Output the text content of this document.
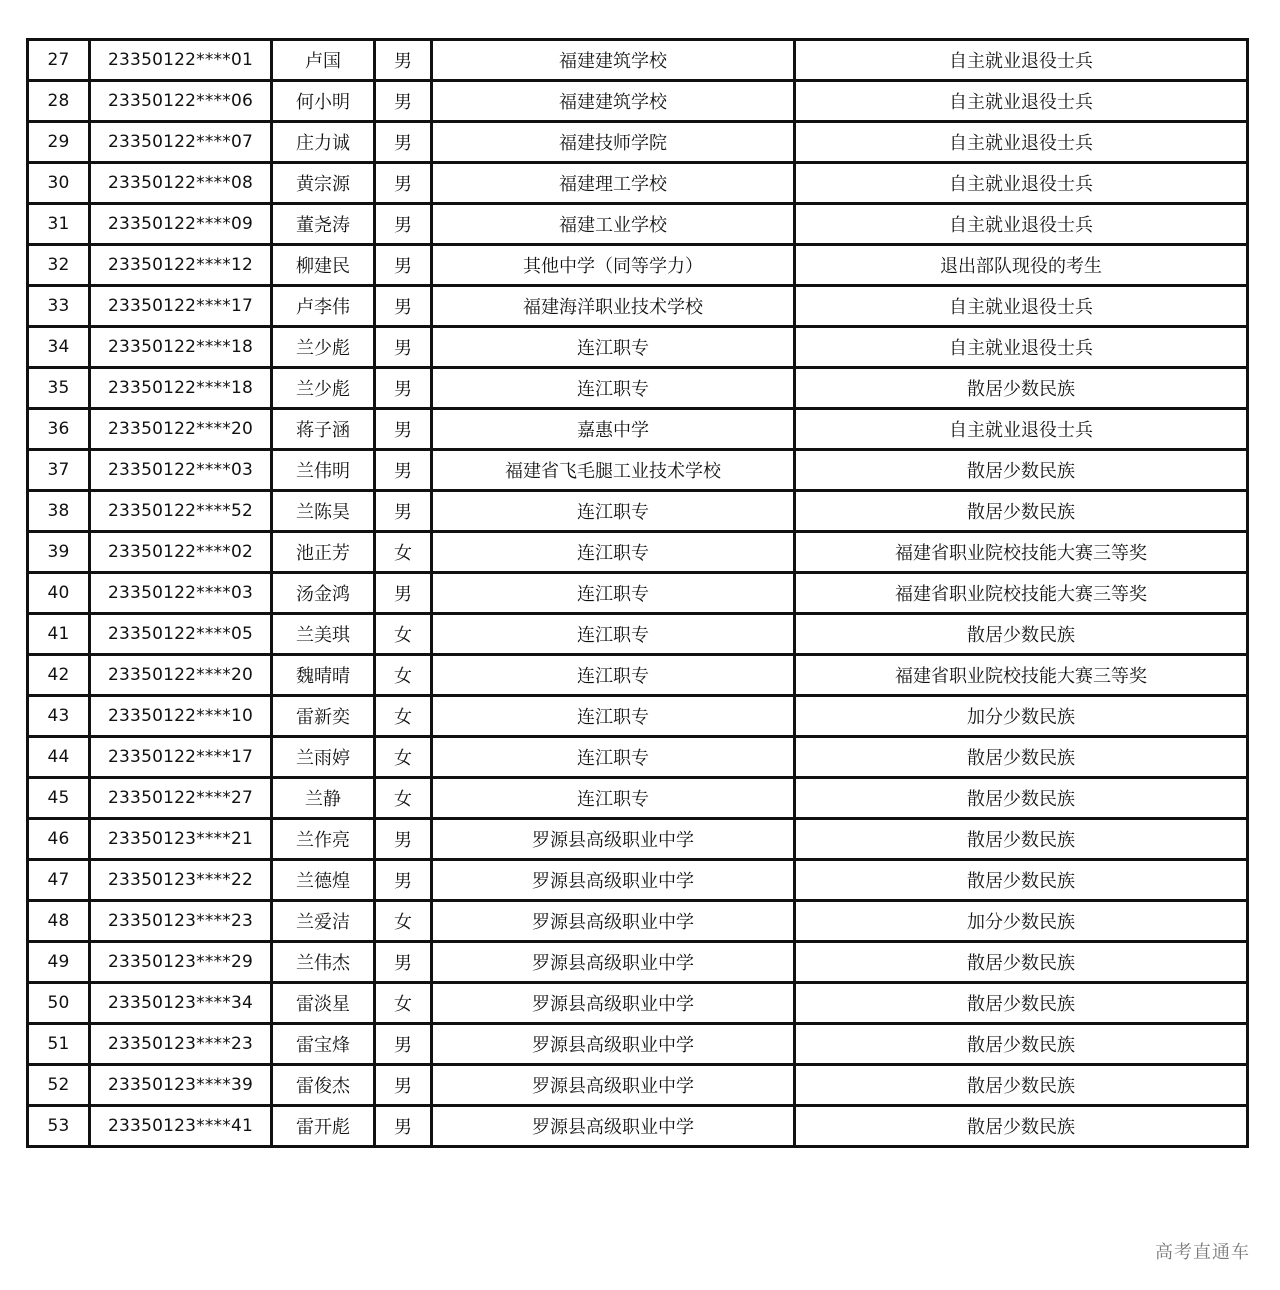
27	23350122****01	卢国	男	福建建筑学校	自主就业退役士兵
28	23350122****06	何小明	男	福建建筑学校	自主就业退役士兵
29	23350122****07	庄力诚	男	福建技师学院	自主就业退役士兵
30	23350122****08	黄宗源	男	福建理工学校	自主就业退役士兵
31	23350122****09	董尧涛	男	福建工业学校	自主就业退役士兵
32	23350122****12	柳建民	男	其他中学（同等学力）	退出部队现役的考生
33	23350122****17	卢李伟	男	福建海洋职业技术学校	自主就业退役士兵
34	23350122****18	兰少彪	男	连江职专	自主就业退役士兵
35	23350122****18	兰少彪	男	连江职专	散居少数民族
36	23350122****20	蒋子涵	男	嘉惠中学	自主就业退役士兵
37	23350122****03	兰伟明	男	福建省飞毛腿工业技术学校	散居少数民族
38	23350122****52	兰陈昊	男	连江职专	散居少数民族
39	23350122****02	池正芳	女	连江职专	福建省职业院校技能大赛三等奖
40	23350122****03	汤金鸿	男	连江职专	福建省职业院校技能大赛三等奖
41	23350122****05	兰美琪	女	连江职专	散居少数民族
42	23350122****20	魏晴晴	女	连江职专	福建省职业院校技能大赛三等奖
43	23350122****10	雷新奕	女	连江职专	加分少数民族
44	23350122****17	兰雨婷	女	连江职专	散居少数民族
45	23350122****27	兰静	女	连江职专	散居少数民族
46	23350123****21	兰作亮	男	罗源县高级职业中学	散居少数民族
47	23350123****22	兰德煌	男	罗源县高级职业中学	散居少数民族
48	23350123****23	兰爱洁	女	罗源县高级职业中学	加分少数民族
49	23350123****29	兰伟杰	男	罗源县高级职业中学	散居少数民族
50	23350123****34	雷淡星	女	罗源县高级职业中学	散居少数民族
51	23350123****23	雷宝烽	男	罗源县高级职业中学	散居少数民族
52	23350123****39	雷俊杰	男	罗源县高级职业中学	散居少数民族
53	23350123****41	雷开彪	男	罗源县高级职业中学	散居少数民族
高考直通车
